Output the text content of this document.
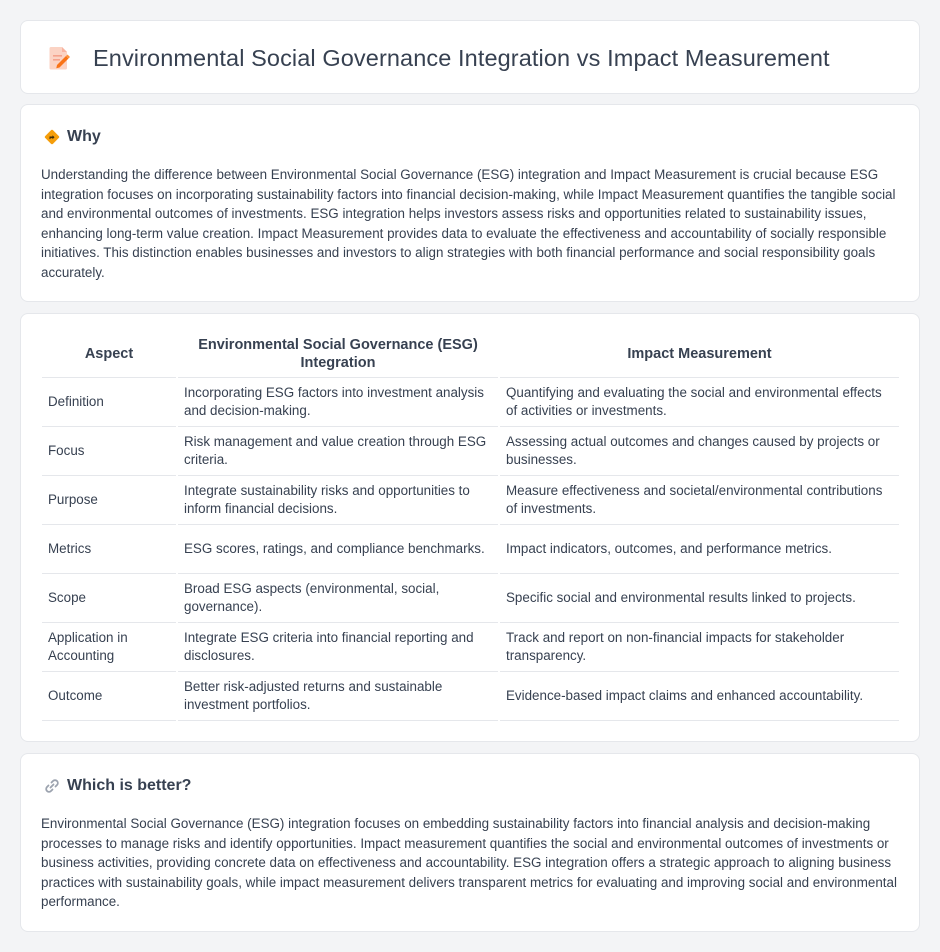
Environmental Social Governance Integration vs Impact Measurement
Why

Understanding the difference between Environmental Social Governance (ESG) integration and Impact Measurement is crucial because ESG integration focuses on incorporating sustainability factors into financial decision-making, while Impact Measurement quantifies the tangible social and environmental outcomes of investments. ESG integration helps investors assess risks and opportunities related to sustainability issues, enhancing long-term value creation. Impact Measurement provides data to evaluate the effectiveness and accountability of socially responsible initiatives. This distinction enables businesses and investors to align strategies with both financial performance and social responsibility goals accurately.

Aspect	Environmental Social Governance (ESG) Integration	Impact Measurement
Definition	Incorporating ESG factors into investment analysis and decision-making.	Quantifying and evaluating the social and environmental effects of activities or investments.
Focus	Risk management and value creation through ESG criteria.	Assessing actual outcomes and changes caused by projects or businesses.
Purpose	Integrate sustainability risks and opportunities to inform financial decisions.	Measure effectiveness and societal/environmental contributions of investments.
Metrics	ESG scores, ratings, and compliance benchmarks.	Impact indicators, outcomes, and performance metrics.
Scope	Broad ESG aspects (environmental, social, governance).	Specific social and environmental results linked to projects.
Application in Accounting	Integrate ESG criteria into financial reporting and disclosures.	Track and report on non-financial impacts for stakeholder transparency.
Outcome	Better risk-adjusted returns and sustainable investment portfolios.	Evidence-based impact claims and enhanced accountability.
Which is better?

Environmental Social Governance (ESG) integration focuses on embedding sustainability factors into financial analysis and decision-making processes to manage risks and identify opportunities. Impact measurement quantifies the social and environmental outcomes of investments or business activities, providing concrete data on effectiveness and accountability. ESG integration offers a strategic approach to aligning business practices with sustainability goals, while impact measurement delivers transparent metrics for evaluating and improving social and environmental performance.
